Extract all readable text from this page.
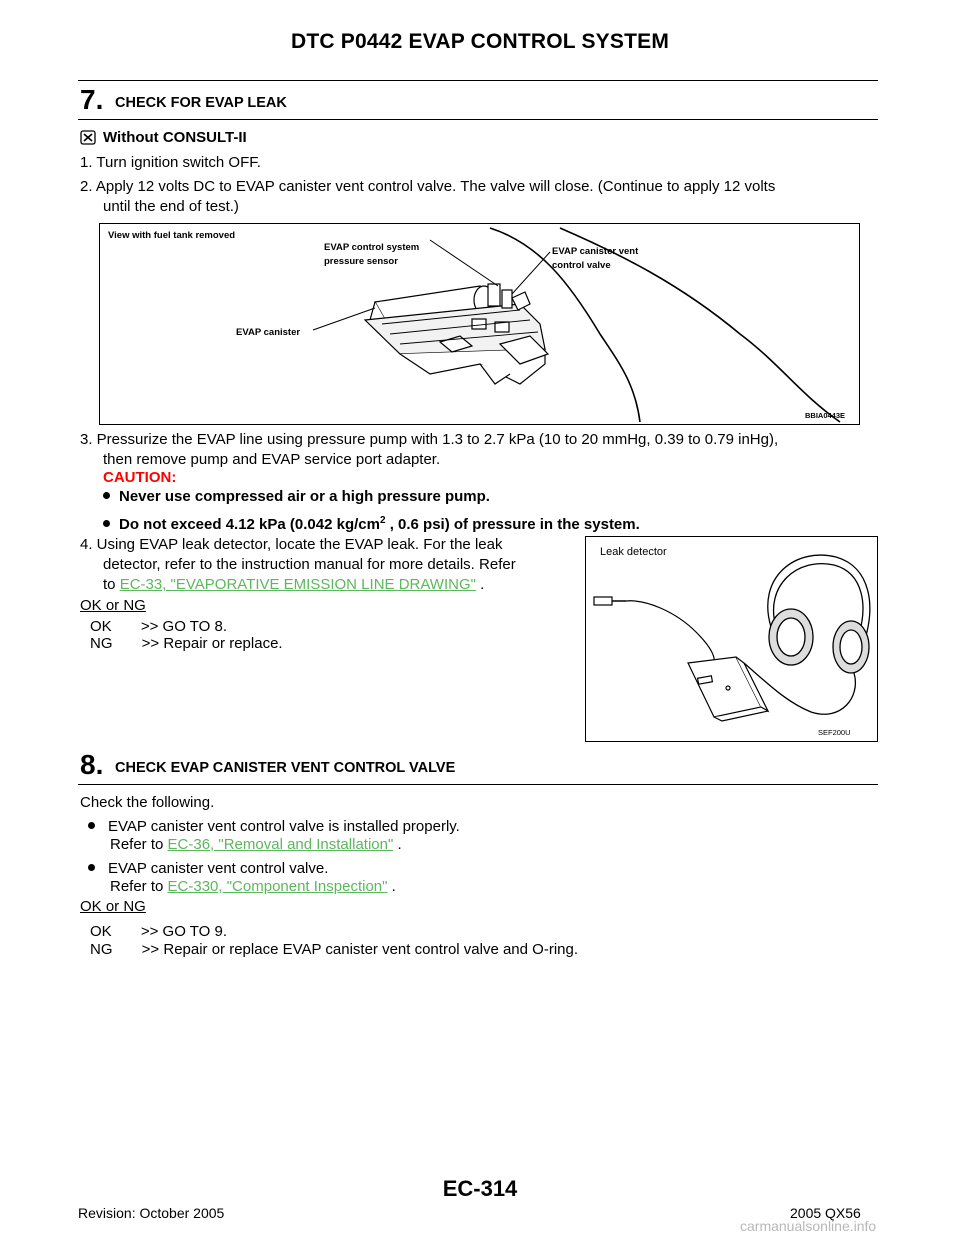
DTC P0442 EVAP CONTROL SYSTEM
7. CHECK FOR EVAP LEAK
Without CONSULT-II
1. Turn ignition switch OFF.
2. Apply 12 volts DC to EVAP canister vent control valve. The valve will close. (Continue to apply 12 volts
until the end of test.)
View with fuel tank removed
EVAP control system
pressure sensor
EVAP canister vent
control valve
EVAP canister
BBIA0443E
3. Pressurize the EVAP line using pressure pump with 1.3 to 2.7 kPa (10 to 20 mmHg, 0.39 to 0.79 inHg),
then remove pump and EVAP service port adapter.
CAUTION:
Never use compressed air or a high pressure pump.
Do not exceed 4.12 kPa (0.042 $kg/cm^2$ , 0.6 psi) of pressure in the system.
4. Using EVAP leak detector, locate the EVAP leak. For the leak
detector, refer to the instruction manual for more details. Refer
to EC-33, "EVAPORATIVE EMISSION LINE DRAWING" .
OK or NG
OK       >> GO TO 8.
NG       >> Repair or replace.
Leak detector
SEF200U
8. CHECK EVAP CANISTER VENT CONTROL VALVE
Check the following.
EVAP canister vent control valve is installed properly.
Refer to EC-36, "Removal and Installation" .
EVAP canister vent control valve.
Refer to EC-330, "Component Inspection" .
OK or NG
OK       >> GO TO 9.
NG       >> Repair or replace EVAP canister vent control valve and O-ring.
EC-314
Revision: October 2005	2005 QX56
carmanualsonline.info
